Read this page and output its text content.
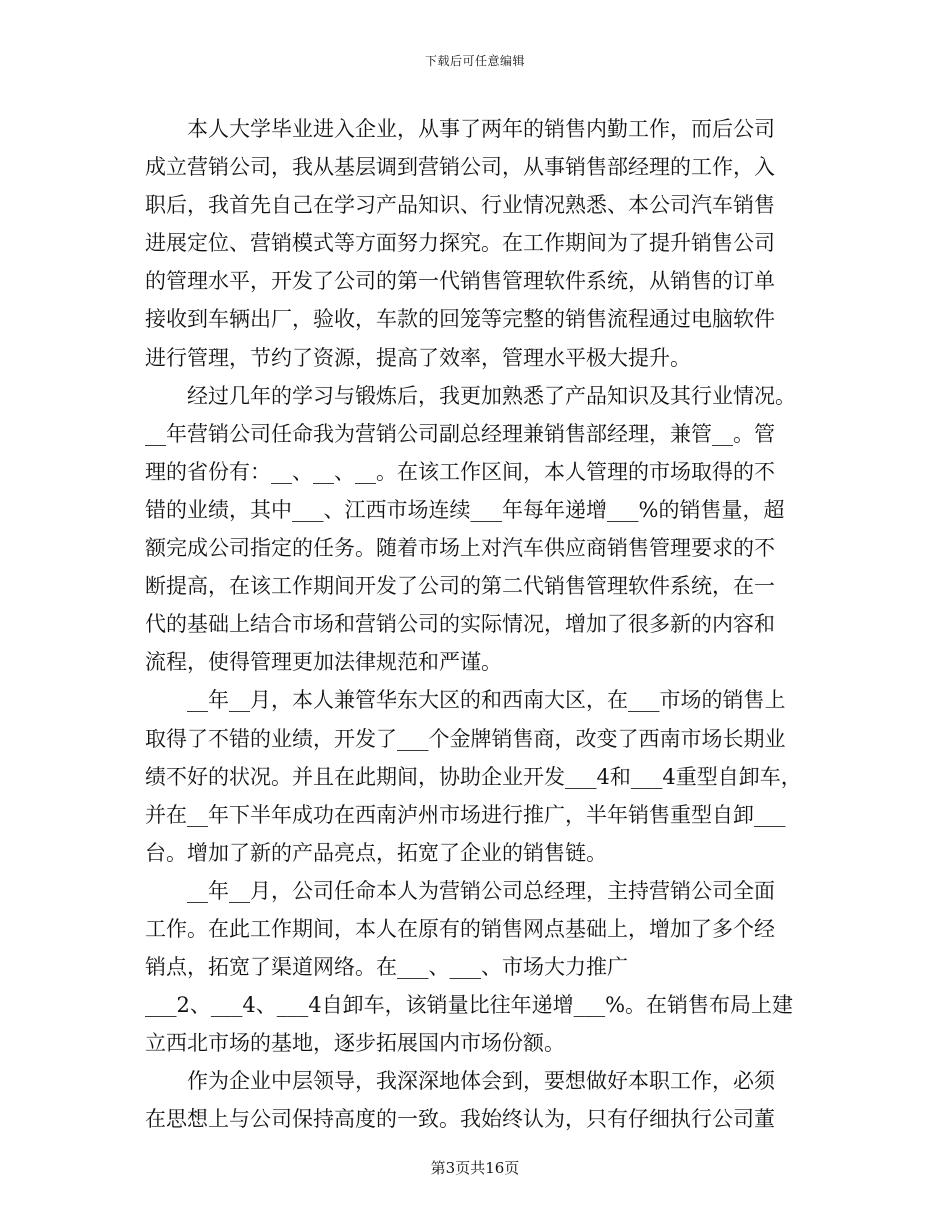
下载后可任意编辑

本人大学毕业进入企业，从事了两年的销售内勤工作，而后公司

成立营销公司，我从基层调到营销公司，从事销售部经理的工作，入

职后，我首先自己在学习产品知识、行业情况熟悉、本公司汽车销售

进展定位、营销模式等方面努力探究。在工作期间为了提升销售公司

的管理水平，开发了公司的第一代销售管理软件系统，从销售的订单

接收到车辆出厂，验收，车款的回笼等完整的销售流程通过电脑软件

进行管理，节约了资源，提高了效率，管理水平极大提升。

经过几年的学习与锻炼后，我更加熟悉了产品知识及其行业情况。

__年营销公司任命我为营销公司副总经理兼销售部经理，兼管__。管

理的省份有：__、__、__。在该工作区间，本人管理的市场取得的不

错的业绩，其中___、江西市场连续___年每年递增___%的销售量，超

额完成公司指定的任务。随着市场上对汽车供应商销售管理要求的不

断提高，在该工作期间开发了公司的第二代销售管理软件系统，在一

代的基础上结合市场和营销公司的实际情况，增加了很多新的内容和

流程，使得管理更加法律规范和严谨。

__年__月，本人兼管华东大区的和西南大区，在___市场的销售上

取得了不错的业绩，开发了___个金牌销售商，改变了西南市场长期业

绩不好的状况。并且在此期间，协助企业开发___4和___4重型自卸车，

并在__年下半年成功在西南泸州市场进行推广，半年销售重型自卸___

台。增加了新的产品亮点，拓宽了企业的销售链。

__年__月，公司任命本人为营销公司总经理，主持营销公司全面

工作。在此工作期间，本人在原有的销售网点基础上，增加了多个经

销点，拓宽了渠道网络。在___、___、市场大力推广

___2、___4、___4自卸车，该销量比往年递增___%。在销售布局上建

立西北市场的基地，逐步拓展国内市场份额。

作为企业中层领导，我深深地体会到，要想做好本职工作，必须

在思想上与公司保持高度的一致。我始终认为，只有仔细执行公司董

第3页共16页
